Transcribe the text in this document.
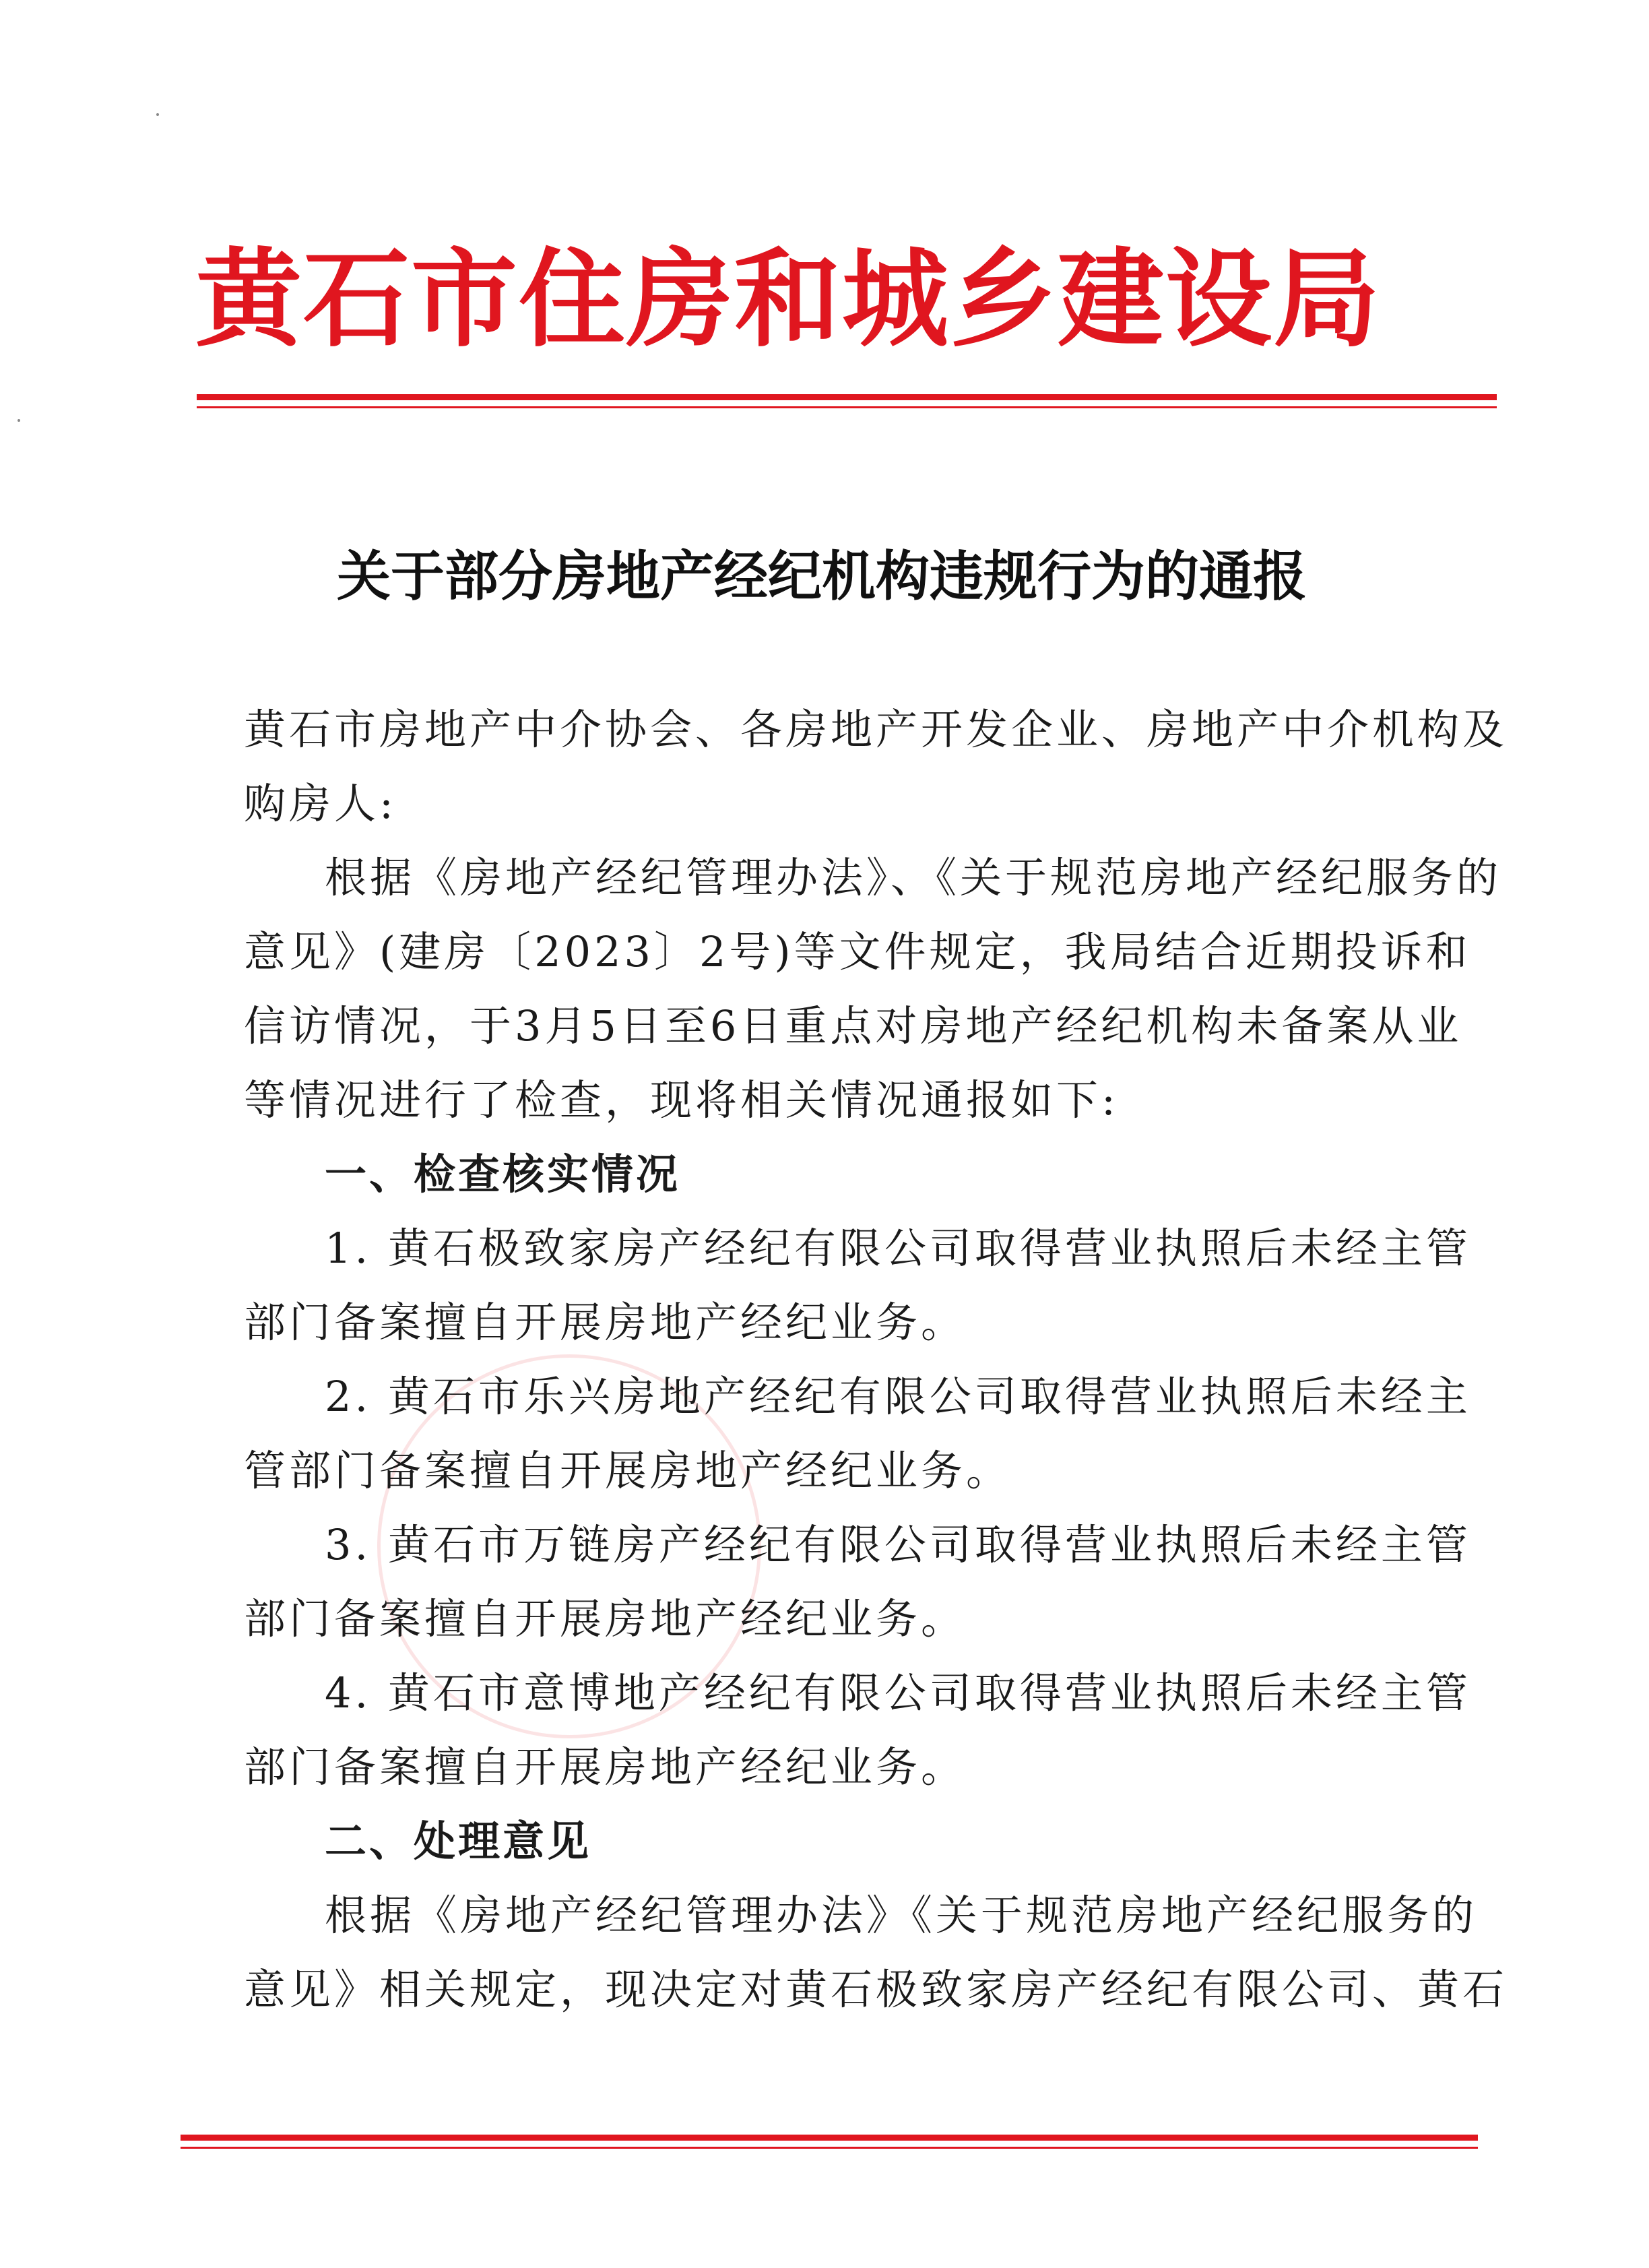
黄石市住房和城乡建设局
关于部分房地产经纪机构违规行为的通报
黄石市房地产中介协会、各房地产开发企业、房地产中介机构及
购房人:
根据《房地产经纪管理办法》、《关于规范房地产经纪服务的
意见》(建房〔2023〕2号)等文件规定，我局结合近期投诉和
信访情况，于3月5日至6日重点对房地产经纪机构未备案从业
等情况进行了检查，现将相关情况通报如下:
一、检查核实情况
1. 黄石极致家房产经纪有限公司取得营业执照后未经主管
部门备案擅自开展房地产经纪业务。
2. 黄石市乐兴房地产经纪有限公司取得营业执照后未经主
管部门备案擅自开展房地产经纪业务。
3. 黄石市万链房产经纪有限公司取得营业执照后未经主管
部门备案擅自开展房地产经纪业务。
4. 黄石市意博地产经纪有限公司取得营业执照后未经主管
部门备案擅自开展房地产经纪业务。
二、处理意见
根据《房地产经纪管理办法》《关于规范房地产经纪服务的
意见》相关规定，现决定对黄石极致家房产经纪有限公司、黄石
